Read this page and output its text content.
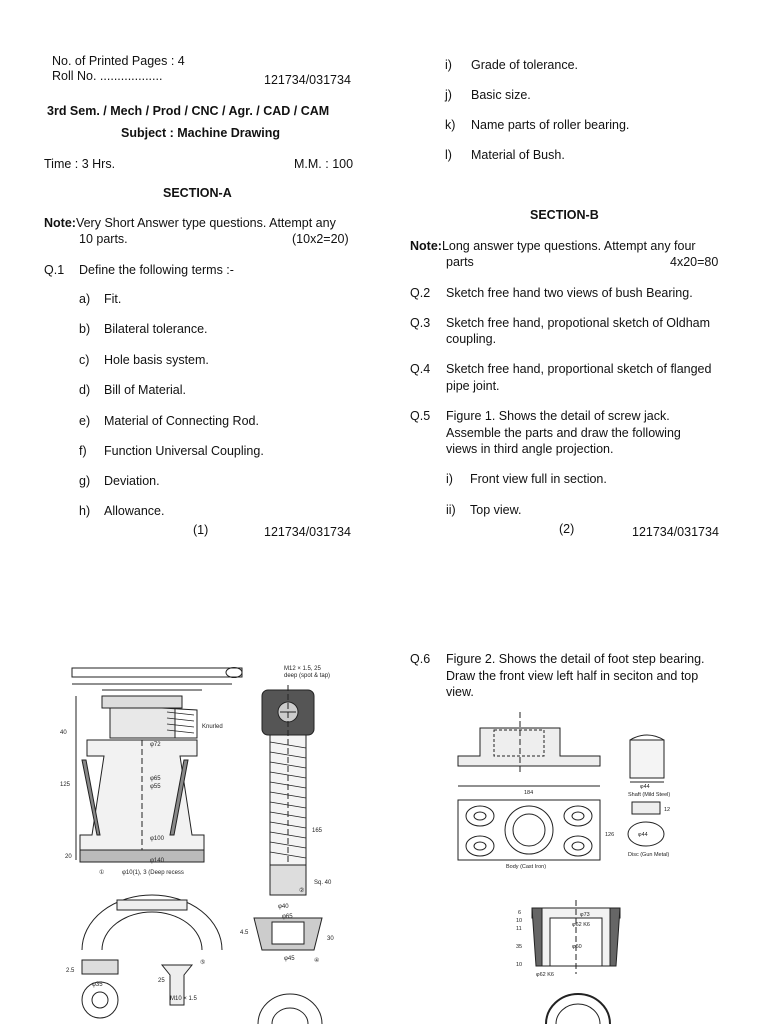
No. of Printed Pages : 4
Roll No. ..................	121734/031734
3rd Sem. / Mech / Prod / CNC / Agr. / CAD / CAM
Subject : Machine Drawing
Time : 3 Hrs.	M.M. : 100
SECTION-A
Note:Very Short Answer type questions. Attempt any
10 parts.	(10x2=20)
Q.1 Define the following terms :-
a) Fit.
b) Bilateral tolerance.
c) Hole basis system.
d) Bill of Material.
e) Material of Connecting Rod.
f) Function Universal Coupling.
g) Deviation.
h) Allowance.
(1)	121734/031734
i) Grade of tolerance.
j) Basic size.
k) Name parts of roller bearing.
l) Material of Bush.
SECTION-B
Note:Long answer type questions. Attempt any four
parts	4x20=80
Q.2 Sketch free hand two views of bush Bearing.
Q.3 Sketch free hand, propotional sketch of Oldham
coupling.
Q.4 Sketch free hand, proportional sketch of flanged
pipe joint.
Q.5 Figure 1. Shows the detail of screw jack.
Assemble the parts and draw the following
views in third angle projection.
i) Front view full in section.
ii) Top view.
(2)	121734/031734
40
125
20
φ72
φ65
φ55
φ100
φ140
φ10(1), 3 (Deep recess
①
Knurled
M12 × 1.5, 25
deep (spot & tap)
165
Sq. 40
φ40
②
2.5
φ35
25
M10 × 1.5
⑤
φ65
4.5
30
φ45	④
Q.6 Figure 2. Shows the detail of foot step bearing.
Draw the front view left half in seciton and top
view.
184
126
Body (Cast Iron)
φ44
Shaft (Mild Steel)
12
φ44
Disc (Gun Metal)
φ73
φ62 K6
φ60
φ62 K6
6
10
11
35
10
